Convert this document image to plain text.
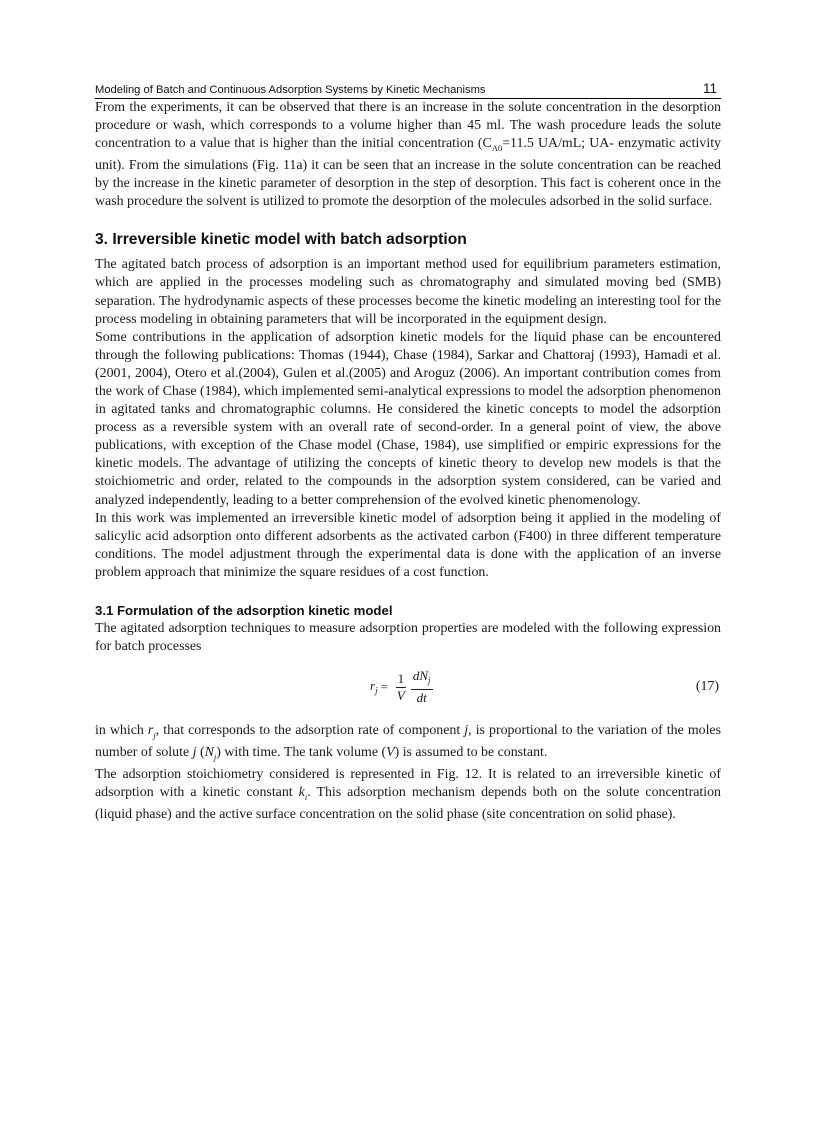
Modeling of Batch and Continuous Adsorption Systems by Kinetic Mechanisms	11

From the experiments, it can be observed that there is an increase in the solute concentration in the desorption procedure or wash, which corresponds to a volume higher than 45 ml. The wash procedure leads the solute concentration to a value that is higher than the initial concentration ($C_{A0}=11.5$ UA/mL; UA- enzymatic activity unit). From the simulations (Fig. 11a) it can be seen that an increase in the solute concentration can be reached by the increase in the kinetic parameter of desorption in the step of desorption. This fact is coherent once in the wash procedure the solvent is utilized to promote the desorption of the molecules adsorbed in the solid surface.

3. Irreversible kinetic model with batch adsorption

The agitated batch process of adsorption is an important method used for equilibrium parameters estimation, which are applied in the processes modeling such as chromatography and simulated moving bed (SMB) separation. The hydrodynamic aspects of these processes become the kinetic modeling an interesting tool for the process modeling in obtaining parameters that will be incorporated in the equipment design.

Some contributions in the application of adsorption kinetic models for the liquid phase can be encountered through the following publications: Thomas (1944), Chase (1984), Sarkar and Chattoraj (1993), Hamadi et al. (2001, 2004), Otero et al.(2004), Gulen et al.(2005) and Aroguz (2006). An important contribution comes from the work of Chase (1984), which implemented semi-analytical expressions to model the adsorption phenomenon in agitated tanks and chromatographic columns. He considered the kinetic concepts to model the adsorption process as a reversible system with an overall rate of second-order. In a general point of view, the above publications, with exception of the Chase model (Chase, 1984), use simplified or empiric expressions for the kinetic models. The advantage of utilizing the concepts of kinetic theory to develop new models is that the stoichiometric and order, related to the compounds in the adsorption system considered, can be varied and analyzed independently, leading to a better comprehension of the evolved kinetic phenomenology.

In this work was implemented an irreversible kinetic model of adsorption being it applied in the modeling of salicylic acid adsorption onto different adsorbents as the activated carbon (F400) in three different temperature conditions. The model adjustment through the experimental data is done with the application of an inverse problem approach that minimize the square residues of a cost function.

3.1 Formulation of the adsorption kinetic model

The agitated adsorption techniques to measure adsorption properties are modeled with the following expression for batch processes

$r_j = \frac{1}{V} \frac{dN_j}{dt}$	(17)

in which $r_j$, that corresponds to the adsorption rate of component j, is proportional to the variation of the moles number of solute j $(N_j)$ with time. The tank volume (V) is assumed to be constant.

The adsorption stoichiometry considered is represented in Fig. 12. It is related to an irreversible kinetic of adsorption with a kinetic constant $k_i$. This adsorption mechanism depends both on the solute concentration (liquid phase) and the active surface concentration on the solid phase (site concentration on solid phase).
